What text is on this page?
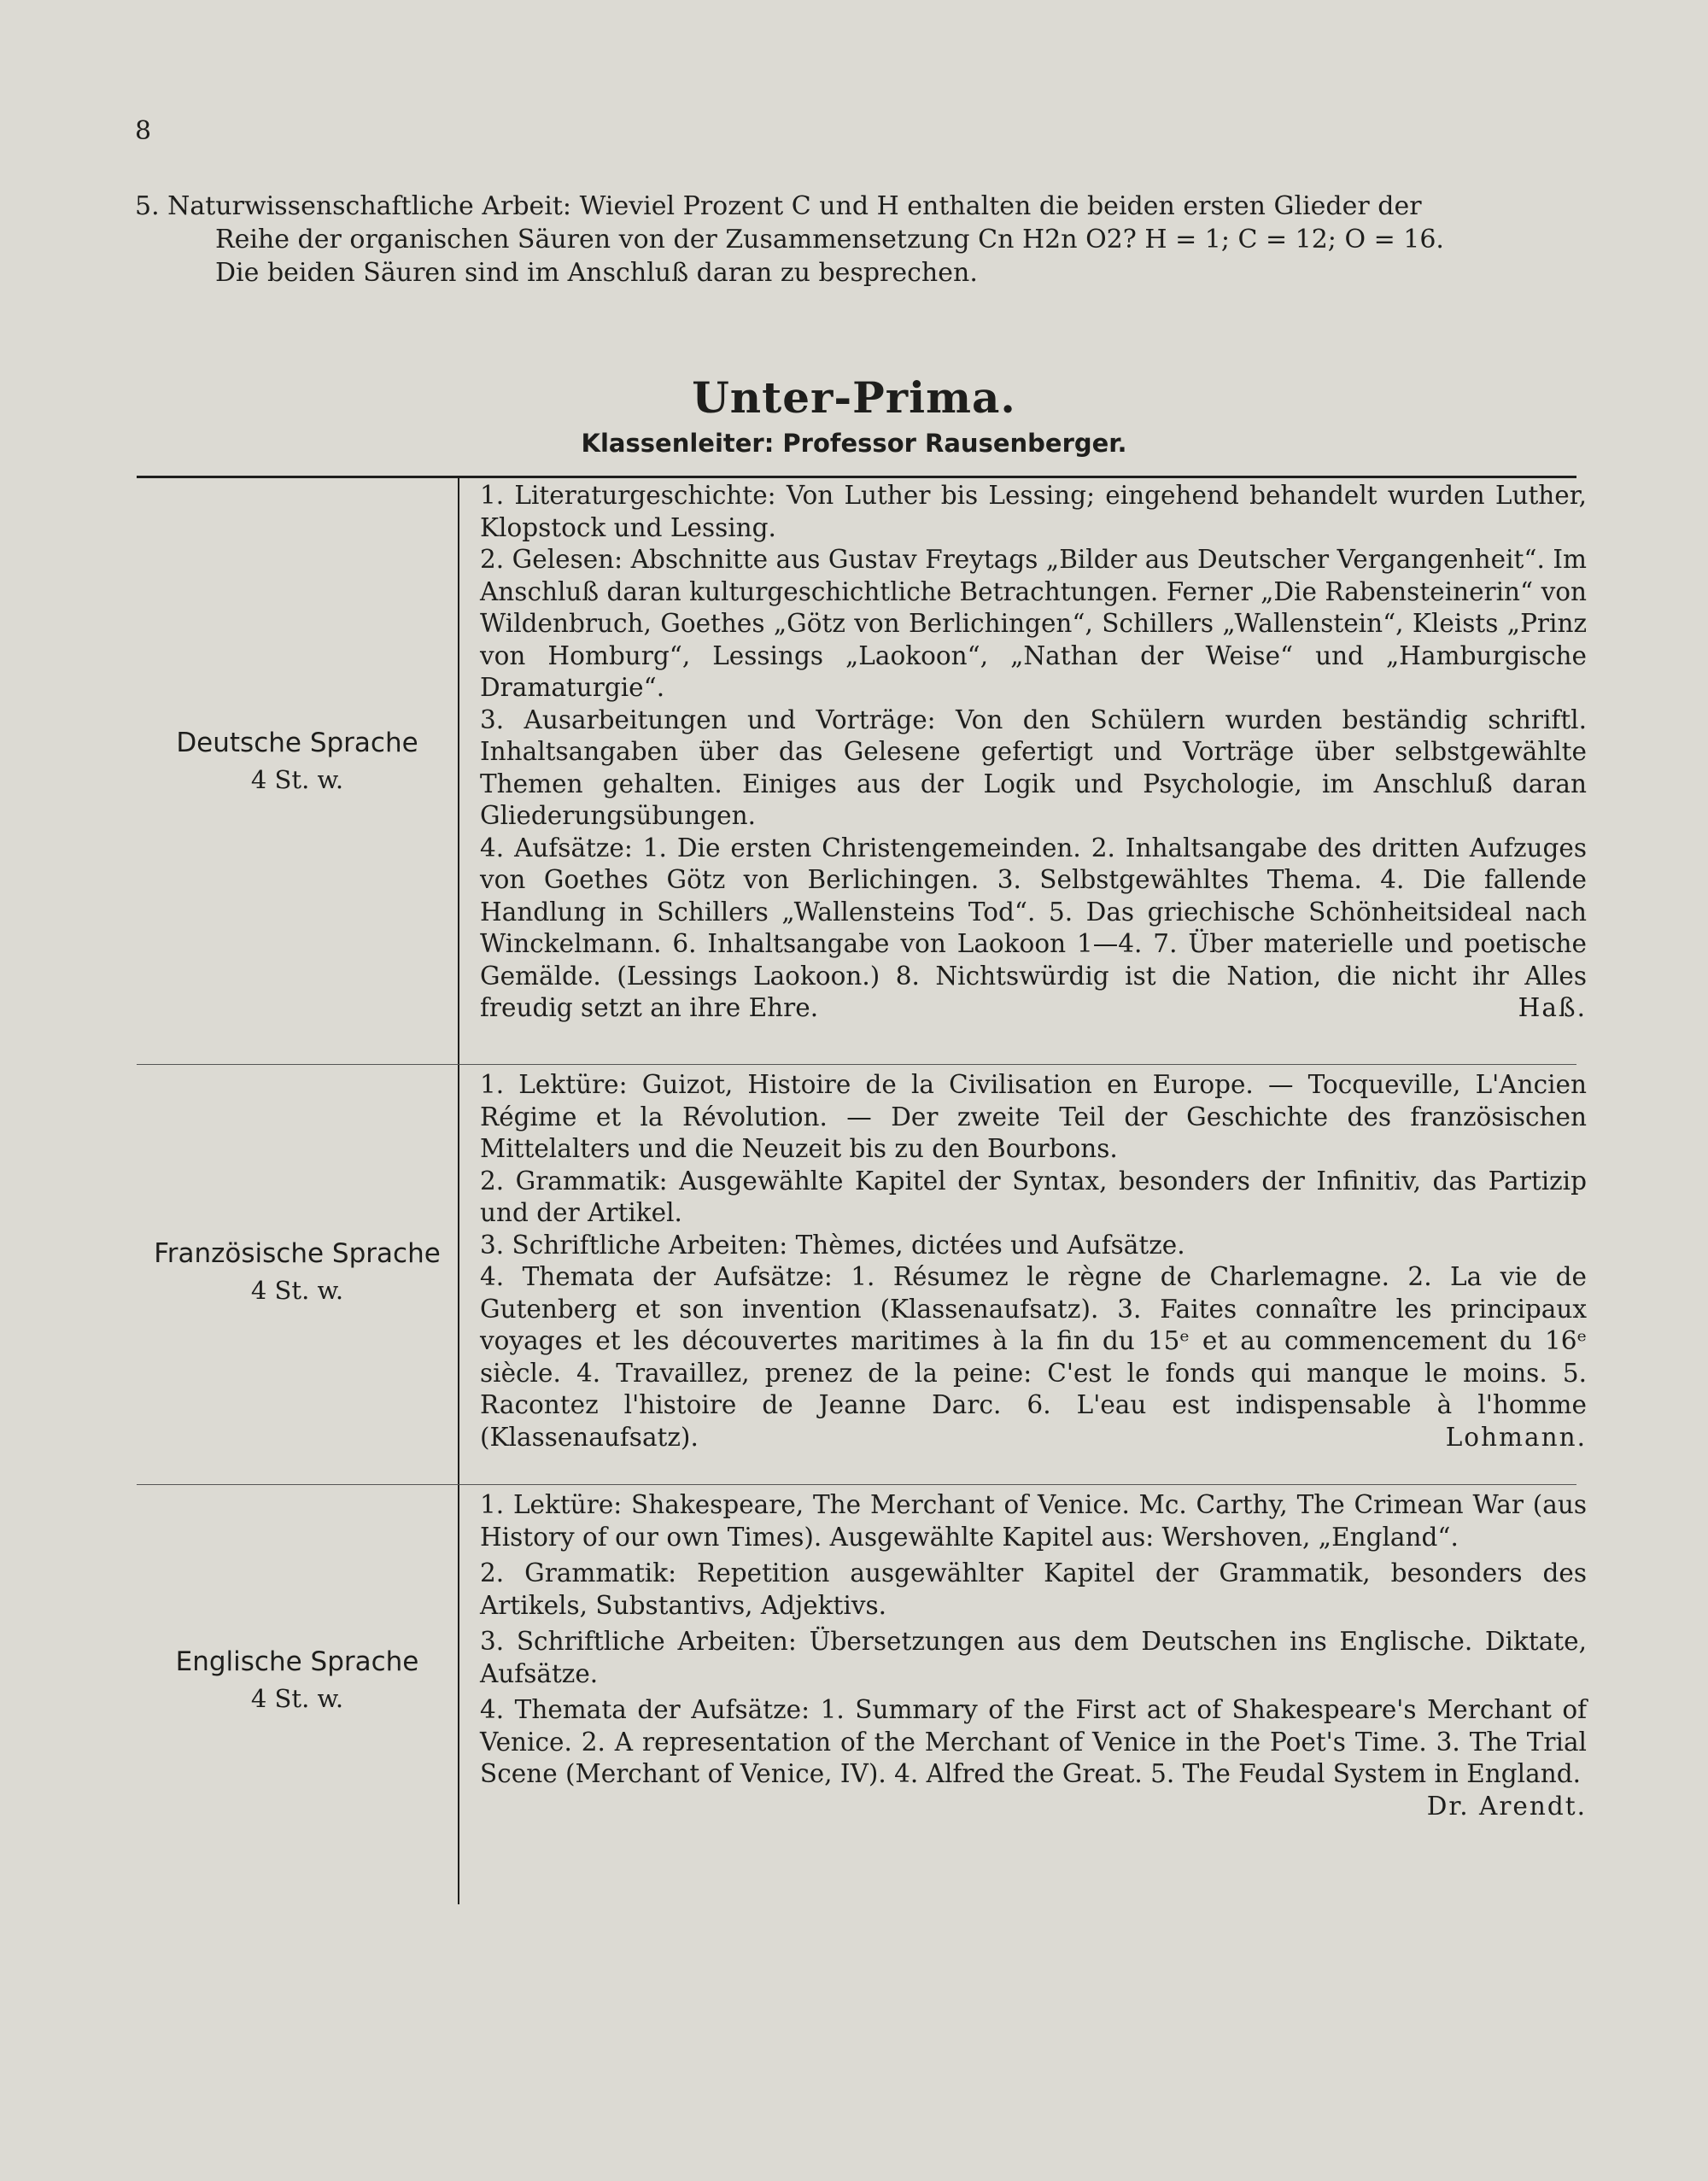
8
5. Naturwissenschaftliche Arbeit: Wieviel Prozent C und H enthalten die beiden ersten Glieder der
Reihe der organischen Säuren von der Zusammensetzung Cn H2n O2? H = 1; C = 12; O = 16.
Die beiden Säuren sind im Anschluß daran zu besprechen.
Unter-Prima.
Klassenleiter: Professor Rausenberger.
Deutsche Sprache
4 St. w.

1. Literaturgeschichte: Von Luther bis Lessing; eingehend behandelt wurden Luther, Klopstock und Lessing.

2. Gelesen: Abschnitte aus Gustav Freytags „Bilder aus Deutscher Vergangenheit“. Im Anschluß daran kulturgeschichtliche Betrachtungen. Ferner „Die Rabensteinerin“ von Wildenbruch, Goethes „Götz von Berlichingen“, Schillers „Wallenstein“, Kleists „Prinz von Homburg“, Lessings „Laokoon“, „Nathan der Weise“ und „Hamburgische Dramaturgie“.

3. Ausarbeitungen und Vorträge: Von den Schülern wurden beständig schriftl. Inhaltsangaben über das Gelesene gefertigt und Vorträge über selbstgewählte Themen gehalten. Einiges aus der Logik und Psychologie, im Anschluß daran Gliederungsübungen.

4. Aufsätze: 1. Die ersten Christengemeinden. 2. Inhaltsangabe des dritten Aufzuges von Goethes Götz von Berlichingen. 3. Selbstgewähltes Thema. 4. Die fallende Handlung in Schillers „Wallensteins Tod“. 5. Das griechische Schönheitsideal nach Winckelmann. 6. Inhaltsangabe von Laokoon 1—4. 7. Über materielle und poetische Gemälde. (Lessings Laokoon.) 8. Nichtswürdig ist die Nation, die nicht ihr Alles freudig setzt an ihre Ehre.	Haß.

Französische Sprache
4 St. w.

1. Lektüre: Guizot, Histoire de la Civilisation en Europe. — Tocqueville, L'Ancien Régime et la Révolution. — Der zweite Teil der Geschichte des französischen Mittelalters und die Neuzeit bis zu den Bourbons.

2. Grammatik: Ausgewählte Kapitel der Syntax, besonders der Infinitiv, das Partizip und der Artikel.

3. Schriftliche Arbeiten: Thèmes, dictées und Aufsätze.

4. Themata der Aufsätze: 1. Résumez le règne de Charlemagne. 2. La vie de Gutenberg et son invention (Klassenaufsatz). 3. Faites connaître les principaux voyages et les découvertes maritimes à la fin du 15ᵉ et au commencement du 16ᵉ siècle. 4. Travaillez, prenez de la peine: C'est le fonds qui manque le moins. 5. Racontez l'histoire de Jeanne Darc. 6. L'eau est indispensable à l'homme (Klassenaufsatz).	Lohmann.

Englische Sprache
4 St. w.

1. Lektüre: Shakespeare, The Merchant of Venice. Mc. Carthy, The Crimean War (aus History of our own Times). Ausgewählte Kapitel aus: Wershoven, „England“.

2. Grammatik: Repetition ausgewählter Kapitel der Grammatik, besonders des Artikels, Substantivs, Adjektivs.

3. Schriftliche Arbeiten: Übersetzungen aus dem Deutschen ins Englische. Diktate, Aufsätze.

4. Themata der Aufsätze: 1. Summary of the First act of Shakespeare's Merchant of Venice. 2. A representation of the Merchant of Venice in the Poet's Time. 3. The Trial Scene (Merchant of Venice, IV). 4. Alfred the Great. 5. The Feudal System in England.
Dr. Arendt.
